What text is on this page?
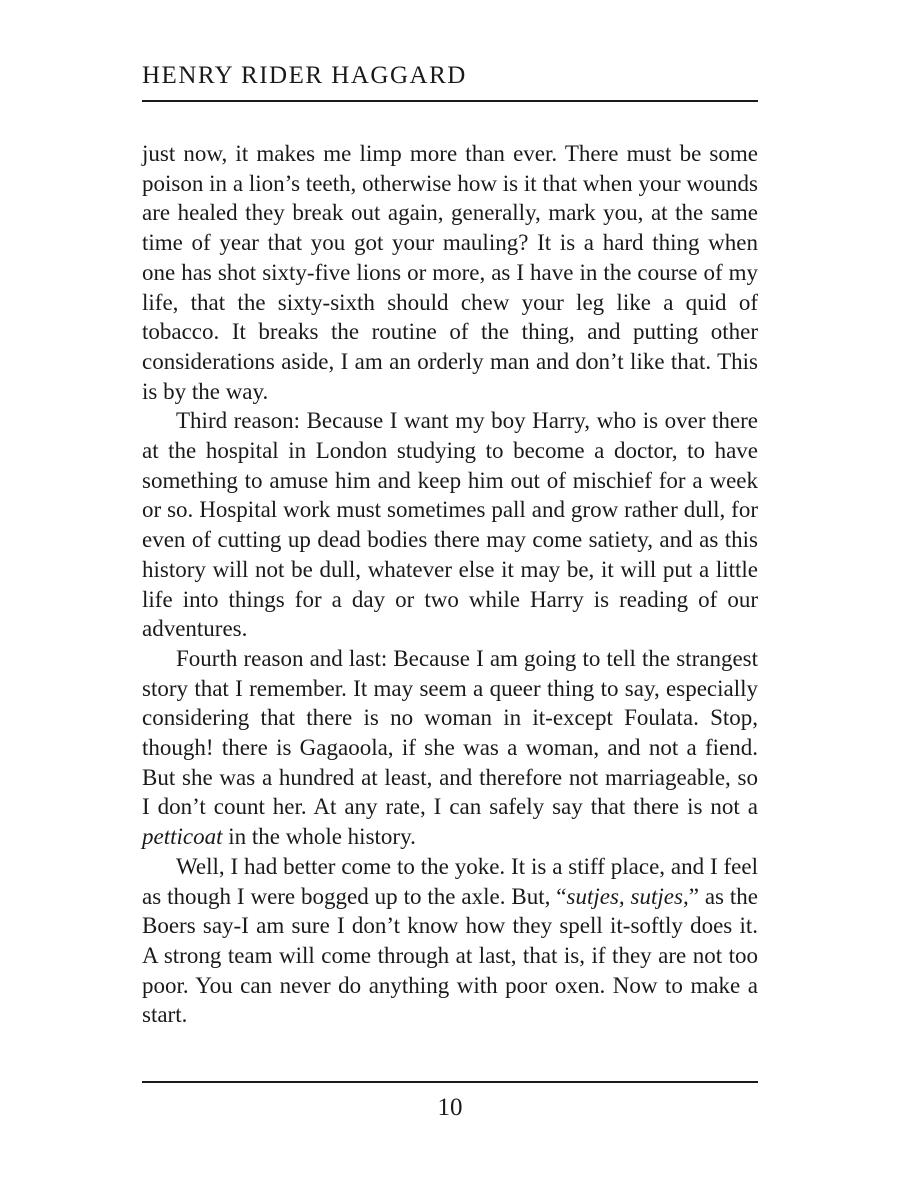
HENRY RIDER HAGGARD

just now, it makes me limp more than ever. There must be some poison in a lion’s teeth, otherwise how is it that when your wounds are healed they break out again, generally, mark you, at the same time of year that you got your mauling? It is a hard thing when one has shot sixty-five lions or more, as I have in the course of my life, that the sixty-sixth should chew your leg like a quid of tobacco. It breaks the routine of the thing, and putting other considerations aside, I am an orderly man and don’t like that. This is by the way.

Third reason: Because I want my boy Harry, who is over there at the hospital in London studying to become a doctor, to have something to amuse him and keep him out of mischief for a week or so. Hospital work must sometimes pall and grow rather dull, for even of cutting up dead bodies there may come satiety, and as this history will not be dull, whatever else it may be, it will put a little life into things for a day or two while Harry is reading of our adventures.

Fourth reason and last: Because I am going to tell the strangest story that I remember. It may seem a queer thing to say, especially considering that there is no woman in it-except Foulata. Stop, though! there is Gagaoola, if she was a woman, and not a fiend. But she was a hundred at least, and therefore not marriageable, so I don’t count her. At any rate, I can safely say that there is not a petticoat in the whole history.

Well, I had better come to the yoke. It is a stiff place, and I feel as though I were bogged up to the axle. But, “sutjes, sutjes,” as the Boers say-I am sure I don’t know how they spell it-softly does it. A strong team will come through at last, that is, if they are not too poor. You can never do anything with poor oxen. Now to make a start.

10
